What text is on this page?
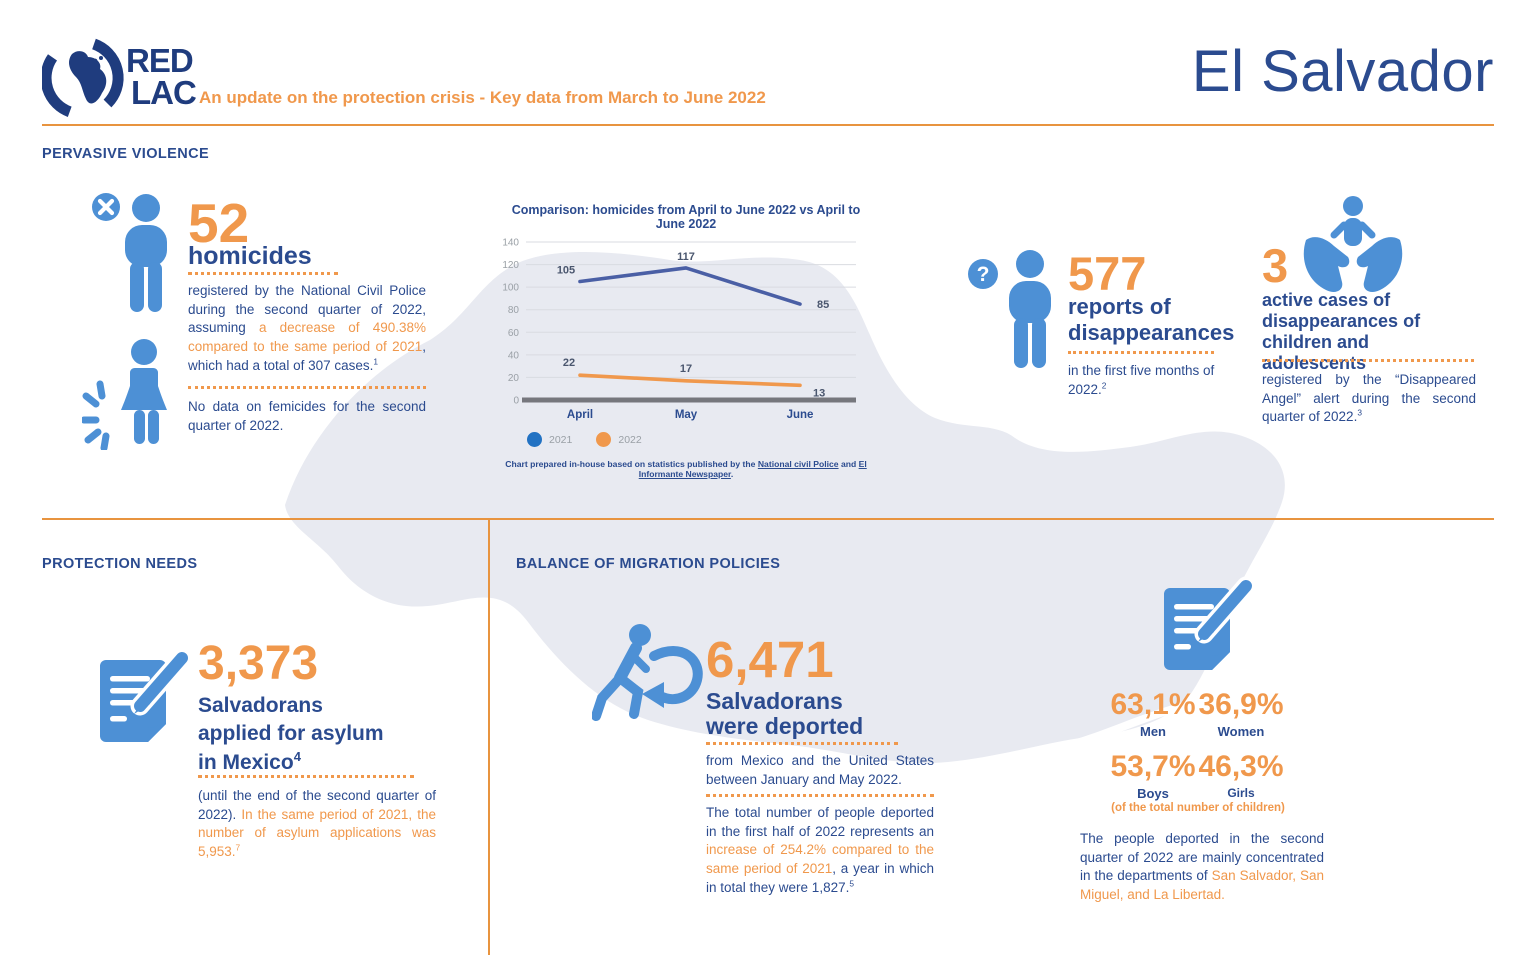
RED
LAC An update on the protection crisis - Key data from March to June 2022	El Salvador
PERVASIVE VIOLENCE
52
homicides
registered by the National Civil Police during the second quarter of 2022, assuming a decrease of 490.38% compared to the same period of 2021, which had a total of 307 cases.$^1$
No data on femicides for the second quarter of 2022.
Comparison: homicides from April to June 2022 vs April to June 2022
0
20
40
60
80
100
120
140
105
117
85
22	17
13
April	May	June
2021	2022
Chart prepared in-house based on statistics published by the National civil Police and El Informante Newspaper.
? 577
reports of
disappearances
in the first five months of 2022.$^2$
3
active cases of disappearances of children and adolescents
registered by the “Disappeared Angel” alert during the second quarter of 2022.$^3$
PROTECTION NEEDS
3,373
Salvadorans
applied for asylum
in Mexico$^4$
(until the end of the second quarter of 2022). In the same period of 2021, the number of asylum applications was 5,953.$^7$
BALANCE OF MIGRATION POLICIES
6,471
Salvadorans
were deported
from Mexico and the United States between January and May 2022.
The total number of people deported in the first half of 2022 represents an increase of 254.2% compared to the same period of 2021, a year in which in total they were 1,827.$^5$
63,1% 36,9%
Men	Women
53,7% 46,3%
Boys	Girls
(of the total number of children)
The people deported in the second quarter of 2022 are mainly concentrated in the departments of San Salvador, San Miguel, and La Libertad.
